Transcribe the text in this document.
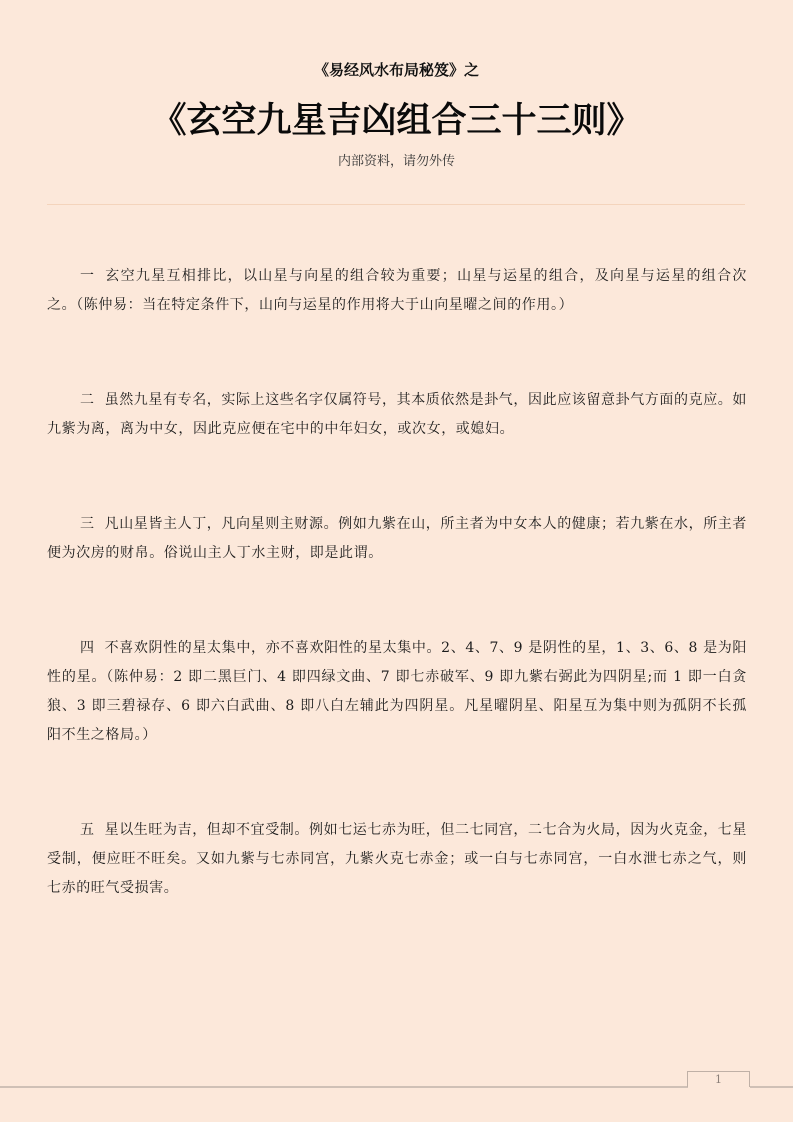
《易经风水布局秘笈》之
《玄空九星吉凶组合三十三则》
内部资料，请勿外传

一 玄空九星互相排比，以山星与向星的组合较为重要；山星与运星的组合，及向星与运星的组合次之。（陈仲易：当在特定条件下，山向与运星的作用将大于山向星曜之间的作用。）

二 虽然九星有专名，实际上这些名字仅属符号，其本质依然是卦气，因此应该留意卦气方面的克应。如九紫为离，离为中女，因此克应便在宅中的中年妇女，或次女，或媳妇。

三 凡山星皆主人丁，凡向星则主财源。例如九紫在山，所主者为中女本人的健康；若九紫在水，所主者便为次房的财帛。俗说山主人丁水主财，即是此谓。

四 不喜欢阴性的星太集中，亦不喜欢阳性的星太集中。2、4、7、9 是阴性的星，1、3、6、8 是为阳性的星。（陈仲易：2 即二黑巨门、4 即四绿文曲、7 即七赤破军、9 即九紫右弼此为四阴星;而 1 即一白贪狼、3 即三碧禄存、6 即六白武曲、8 即八白左辅此为四阴星。凡星曜阴星、阳星互为集中则为孤阴不长孤阳不生之格局。）

五 星以生旺为吉，但却不宜受制。例如七运七赤为旺，但二七同宫，二七合为火局，因为火克金，七星受制，便应旺不旺矣。又如九紫与七赤同宫，九紫火克七赤金；或一白与七赤同宫，一白水泄七赤之气，则七赤的旺气受损害。

1
